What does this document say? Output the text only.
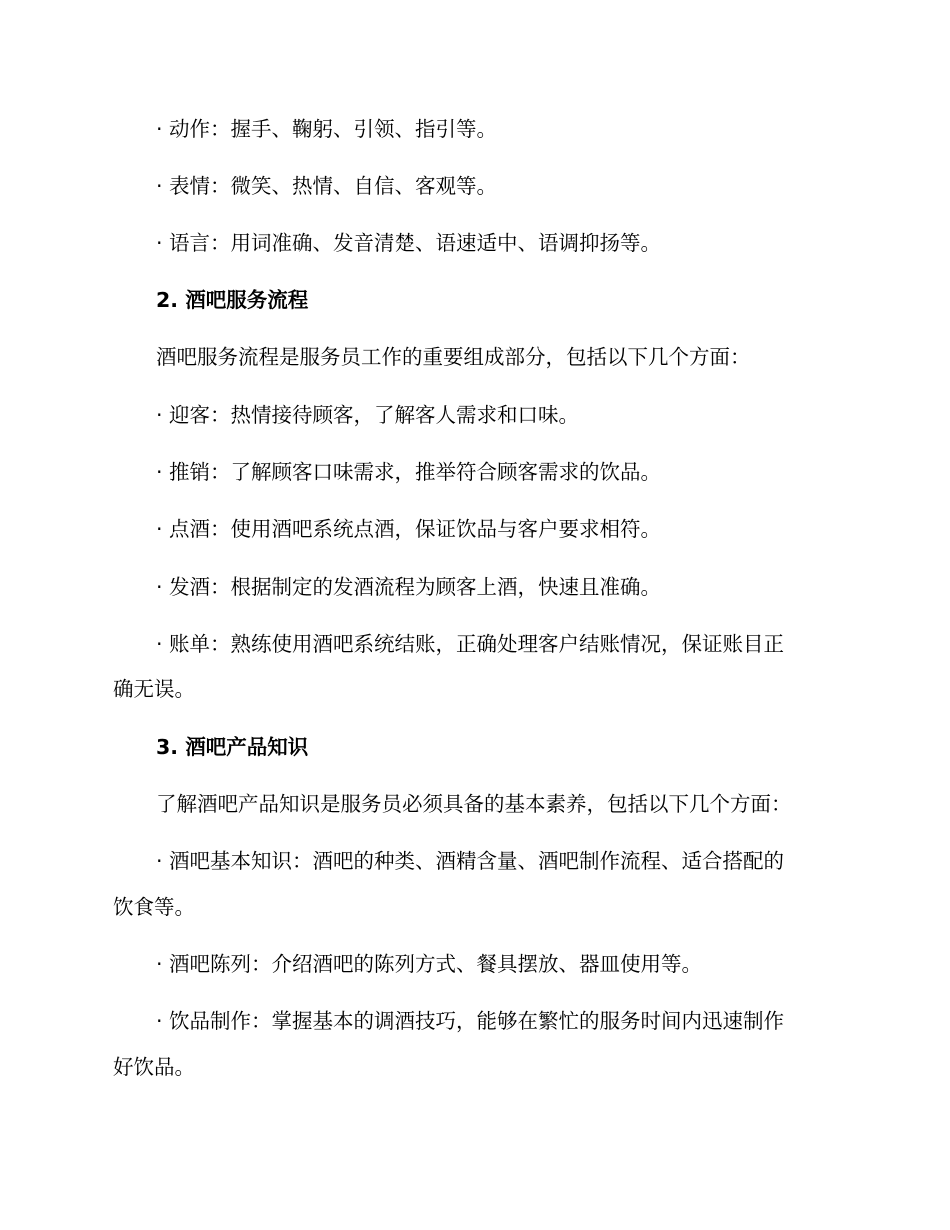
· 动作：握手、鞠躬、引领、指引等。
· 表情：微笑、热情、自信、客观等。
· 语言：用词准确、发音清楚、语速适中、语调抑扬等。
2. 酒吧服务流程
酒吧服务流程是服务员工作的重要组成部分，包括以下几个方面：
· 迎客：热情接待顾客，了解客人需求和口味。
· 推销：了解顾客口味需求，推举符合顾客需求的饮品。
· 点酒：使用酒吧系统点酒，保证饮品与客户要求相符。
· 发酒：根据制定的发酒流程为顾客上酒，快速且准确。
· 账单：熟练使用酒吧系统结账，正确处理客户结账情况，保证账目正
确无误。
3. 酒吧产品知识
了解酒吧产品知识是服务员必须具备的基本素养，包括以下几个方面：
· 酒吧基本知识：酒吧的种类、酒精含量、酒吧制作流程、适合搭配的
饮食等。
· 酒吧陈列：介绍酒吧的陈列方式、餐具摆放、器皿使用等。
· 饮品制作：掌握基本的调酒技巧，能够在繁忙的服务时间内迅速制作
好饮品。
